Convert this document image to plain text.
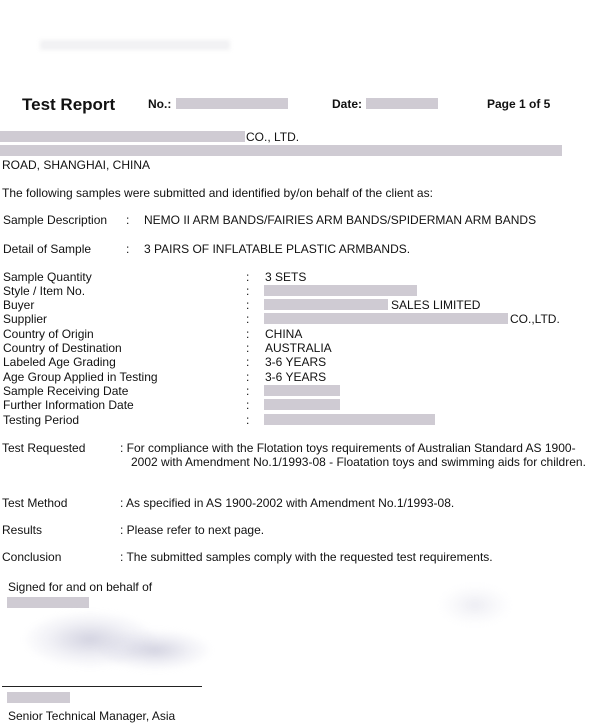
Test Report	No.:	Date:	Page 1 of 5
CO., LTD.
ROAD, SHANGHAI, CHINA
The following samples were submitted and identified by/on behalf of the client as:
Sample Description : NEMO II ARM BANDS/FAIRIES ARM BANDS/SPIDERMAN ARM BANDS
Detail of Sample	: 3 PAIRS OF INFLATABLE PLASTIC ARMBANDS.
Sample Quantity	: 3 SETS
Style / Item No.	:
Buyer	:	SALES LIMITED
Supplier	:	CO.,LTD.
Country of Origin	: CHINA
Country of Destination	: AUSTRALIA
Labeled Age Grading	: 3-6 YEARS
Age Group Applied in Testing	: 3-6 YEARS
Sample Receiving Date	:
Further Information Date	:
Testing Period	:
Test Requested	: For compliance with the Flotation toys requirements of Australian Standard AS 1900-2002 with Amendment No.1/1993-08 - Floatation toys and swimming aids for children.
Test Method	: As specified in AS 1900-2002 with Amendment No.1/1993-08.
Results	: Please refer to next page.
Conclusion	: The submitted samples comply with the requested test requirements.
Signed for and on behalf of
Senior Technical Manager, Asia
